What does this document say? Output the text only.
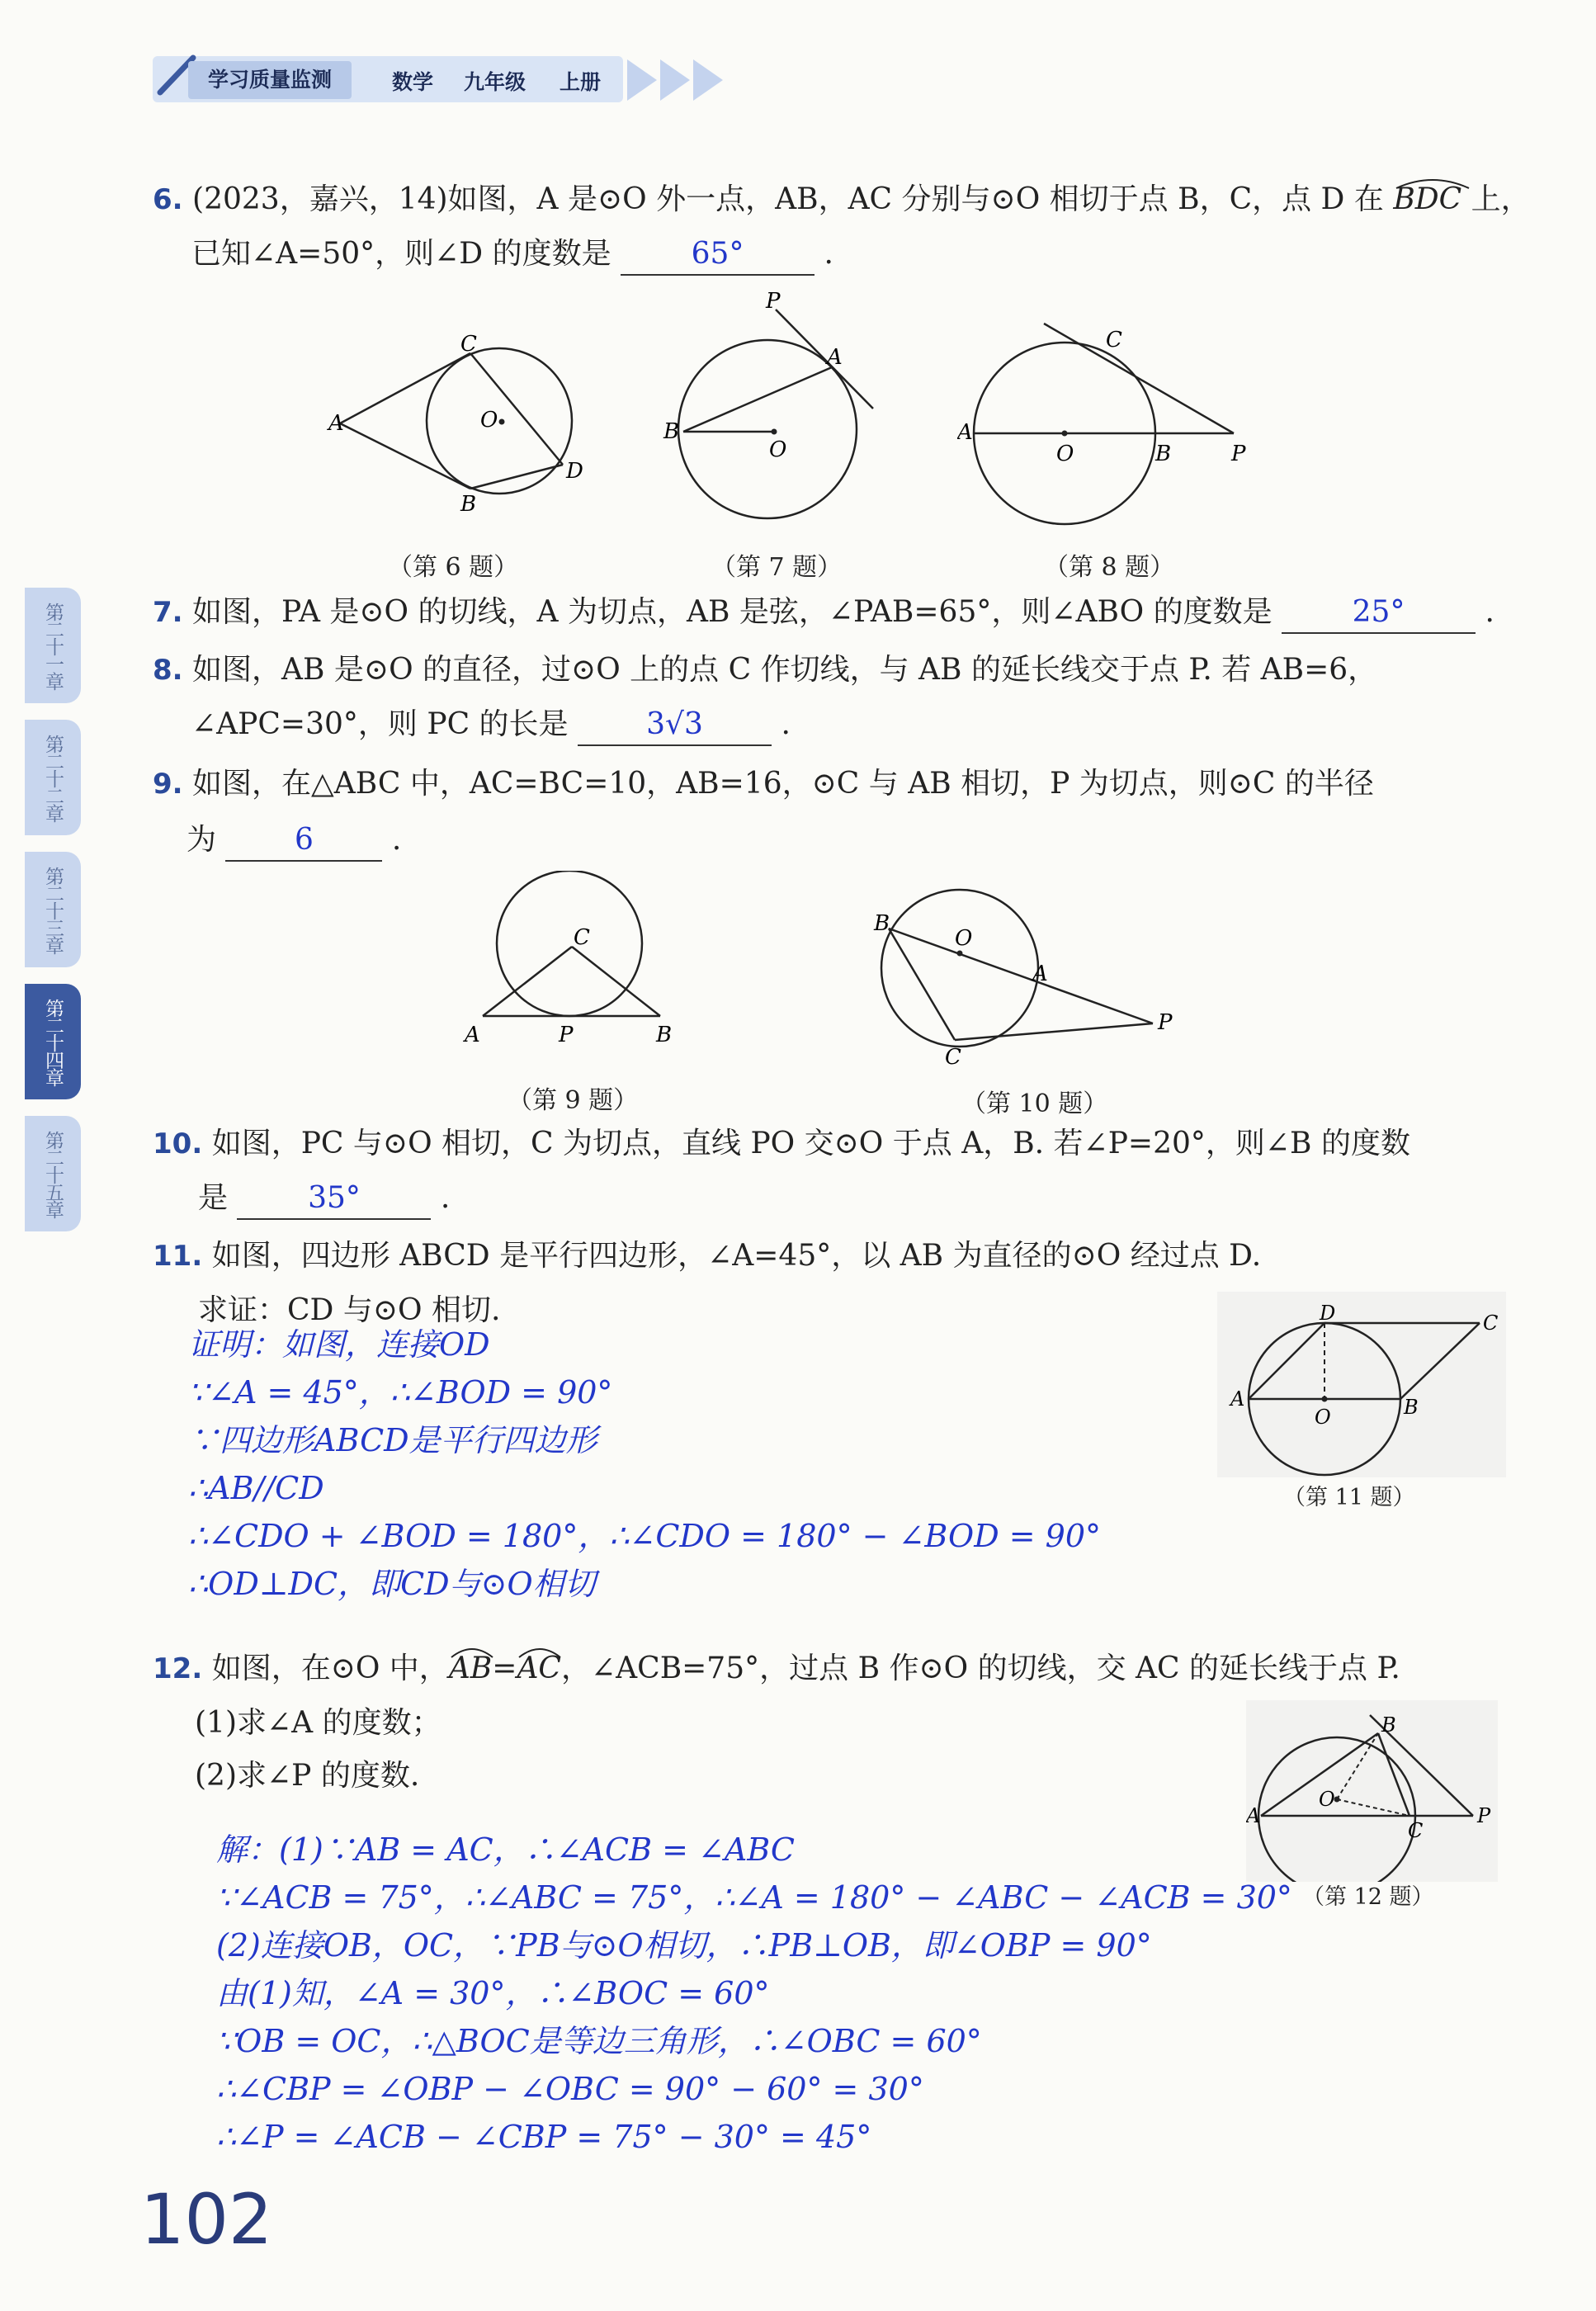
学习质量监测	数学 九年级 上册
第二十一章
第二十二章
第二十三章
第二十四章
第二十五章
6. (2023，嘉兴，14)如图，A 是⊙O 外一点，AB，AC 分别与⊙O 相切于点 B，C，点 D 在 BDC 上，
已知∠A=50°，则∠D 的度数是	65°	.
A
B
C
D
O
（第 6 题）
P
A
B
O
（第 7 题）
C
A
O	B	P
（第 8 题）
7. 如图，PA 是⊙O 的切线，A 为切点，AB 是弦，∠PAB=65°，则∠ABO 的度数是	25°	.
8. 如图，AB 是⊙O 的直径，过⊙O 上的点 C 作切线，与 AB 的延长线交于点 P. 若 AB=6，
∠APC=30°，则 PC 的长是	3√3	.
9. 如图，在△ABC 中，AC=BC=10，AB=16，⊙C 与 AB 相切，P 为切点，则⊙C 的半径
为	6	.
C
A	P	B
（第 9 题）
B
O
A
C
P
（第 10 题）
10. 如图，PC 与⊙O 相切，C 为切点，直线 PO 交⊙O 于点 A，B. 若∠P=20°，则∠B 的度数
是	35°	.
11. 如图，四边形 ABCD 是平行四边形，∠A=45°，以 AB 为直径的⊙O 经过点 D.
求证：CD 与⊙O 相切.
证明：如图，连接OD
∵∠A = 45°，∴∠BOD = 90°
∵四边形ABCD是平行四边形
∴AB//CD
∴∠CDO + ∠BOD = 180°，∴∠CDO = 180° − ∠BOD = 90°
∴OD⊥DC，即CD与⊙O相切
D	C
A
O	B
（第 11 题）
12. 如图，在⊙O 中，
AB=
AC，∠ACB=75°，过点 B 作⊙O 的切线，交 AC 的延长线于点 P.
(1)求∠A 的度数；
(2)求∠P 的度数.
B
A
O
C
P
（第 12 题）
解：(1)∵AB = AC，∴∠ACB = ∠ABC
∵∠ACB = 75°，∴∠ABC = 75°，∴∠A = 180° − ∠ABC − ∠ACB = 30°
(2)连接OB，OC，∵PB与⊙O相切，∴PB⊥OB，即∠OBP = 90°
由(1)知，∠A = 30°，∴∠BOC = 60°
∵OB = OC，∴△BOC是等边三角形，∴∠OBC = 60°
∴∠CBP = ∠OBP − ∠OBC = 90° − 60° = 30°
∴∠P = ∠ACB − ∠CBP = 75° − 30° = 45°
102
